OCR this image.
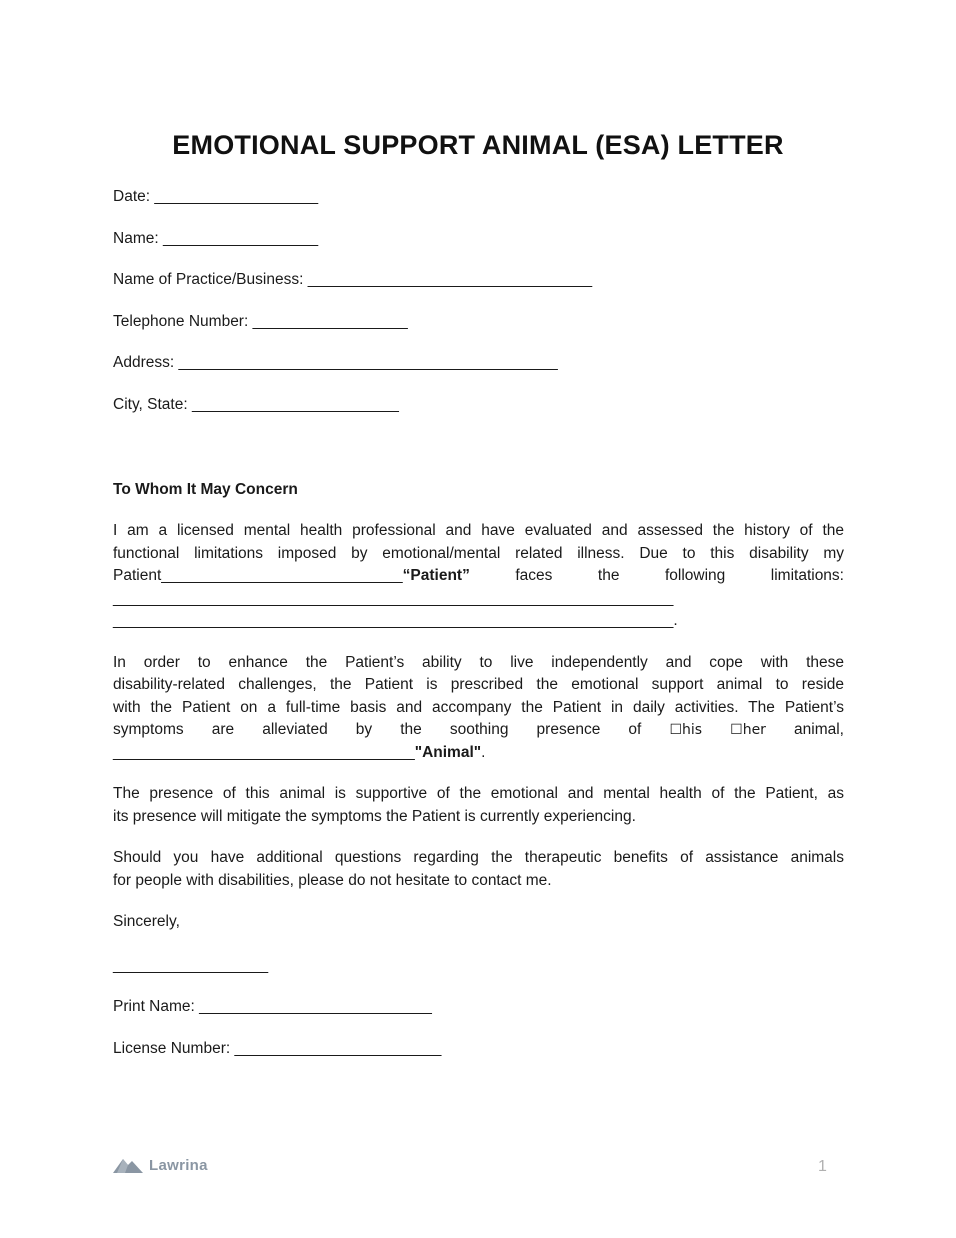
EMOTIONAL SUPPORT ANIMAL (ESA) LETTER
Date: ___________________
Name: __________________
Name of Practice/Business: _________________________________
Telephone Number: __________________
Address: ____________________________________________
City, State: ________________________
To Whom It May Concern
I am a licensed mental health professional and have evaluated and assessed the history of the
functional limitations imposed by emotional/mental related illness. Due to this disability my
Patient____________________________“Patient” faces the following limitations:
_________________________________________________________________
_________________________________________________________________.
In order to enhance the Patient’s ability to live independently and cope with these
disability-related challenges, the Patient is prescribed the emotional support animal to reside
with the Patient on a full-time basis and accompany the Patient in daily activities. The Patient’s
symptoms are alleviated by the soothing presence of ☐his ☐her animal,
___________________________________"Animal".
The presence of this animal is supportive of the emotional and mental health of the Patient, as
its presence will mitigate the symptoms the Patient is currently experiencing.
Should you have additional questions regarding the therapeutic benefits of assistance animals
for people with disabilities, please do not hesitate to contact me.
Sincerely,
__________________
Print Name: ___________________________
License Number: ________________________
Lawrina	1
